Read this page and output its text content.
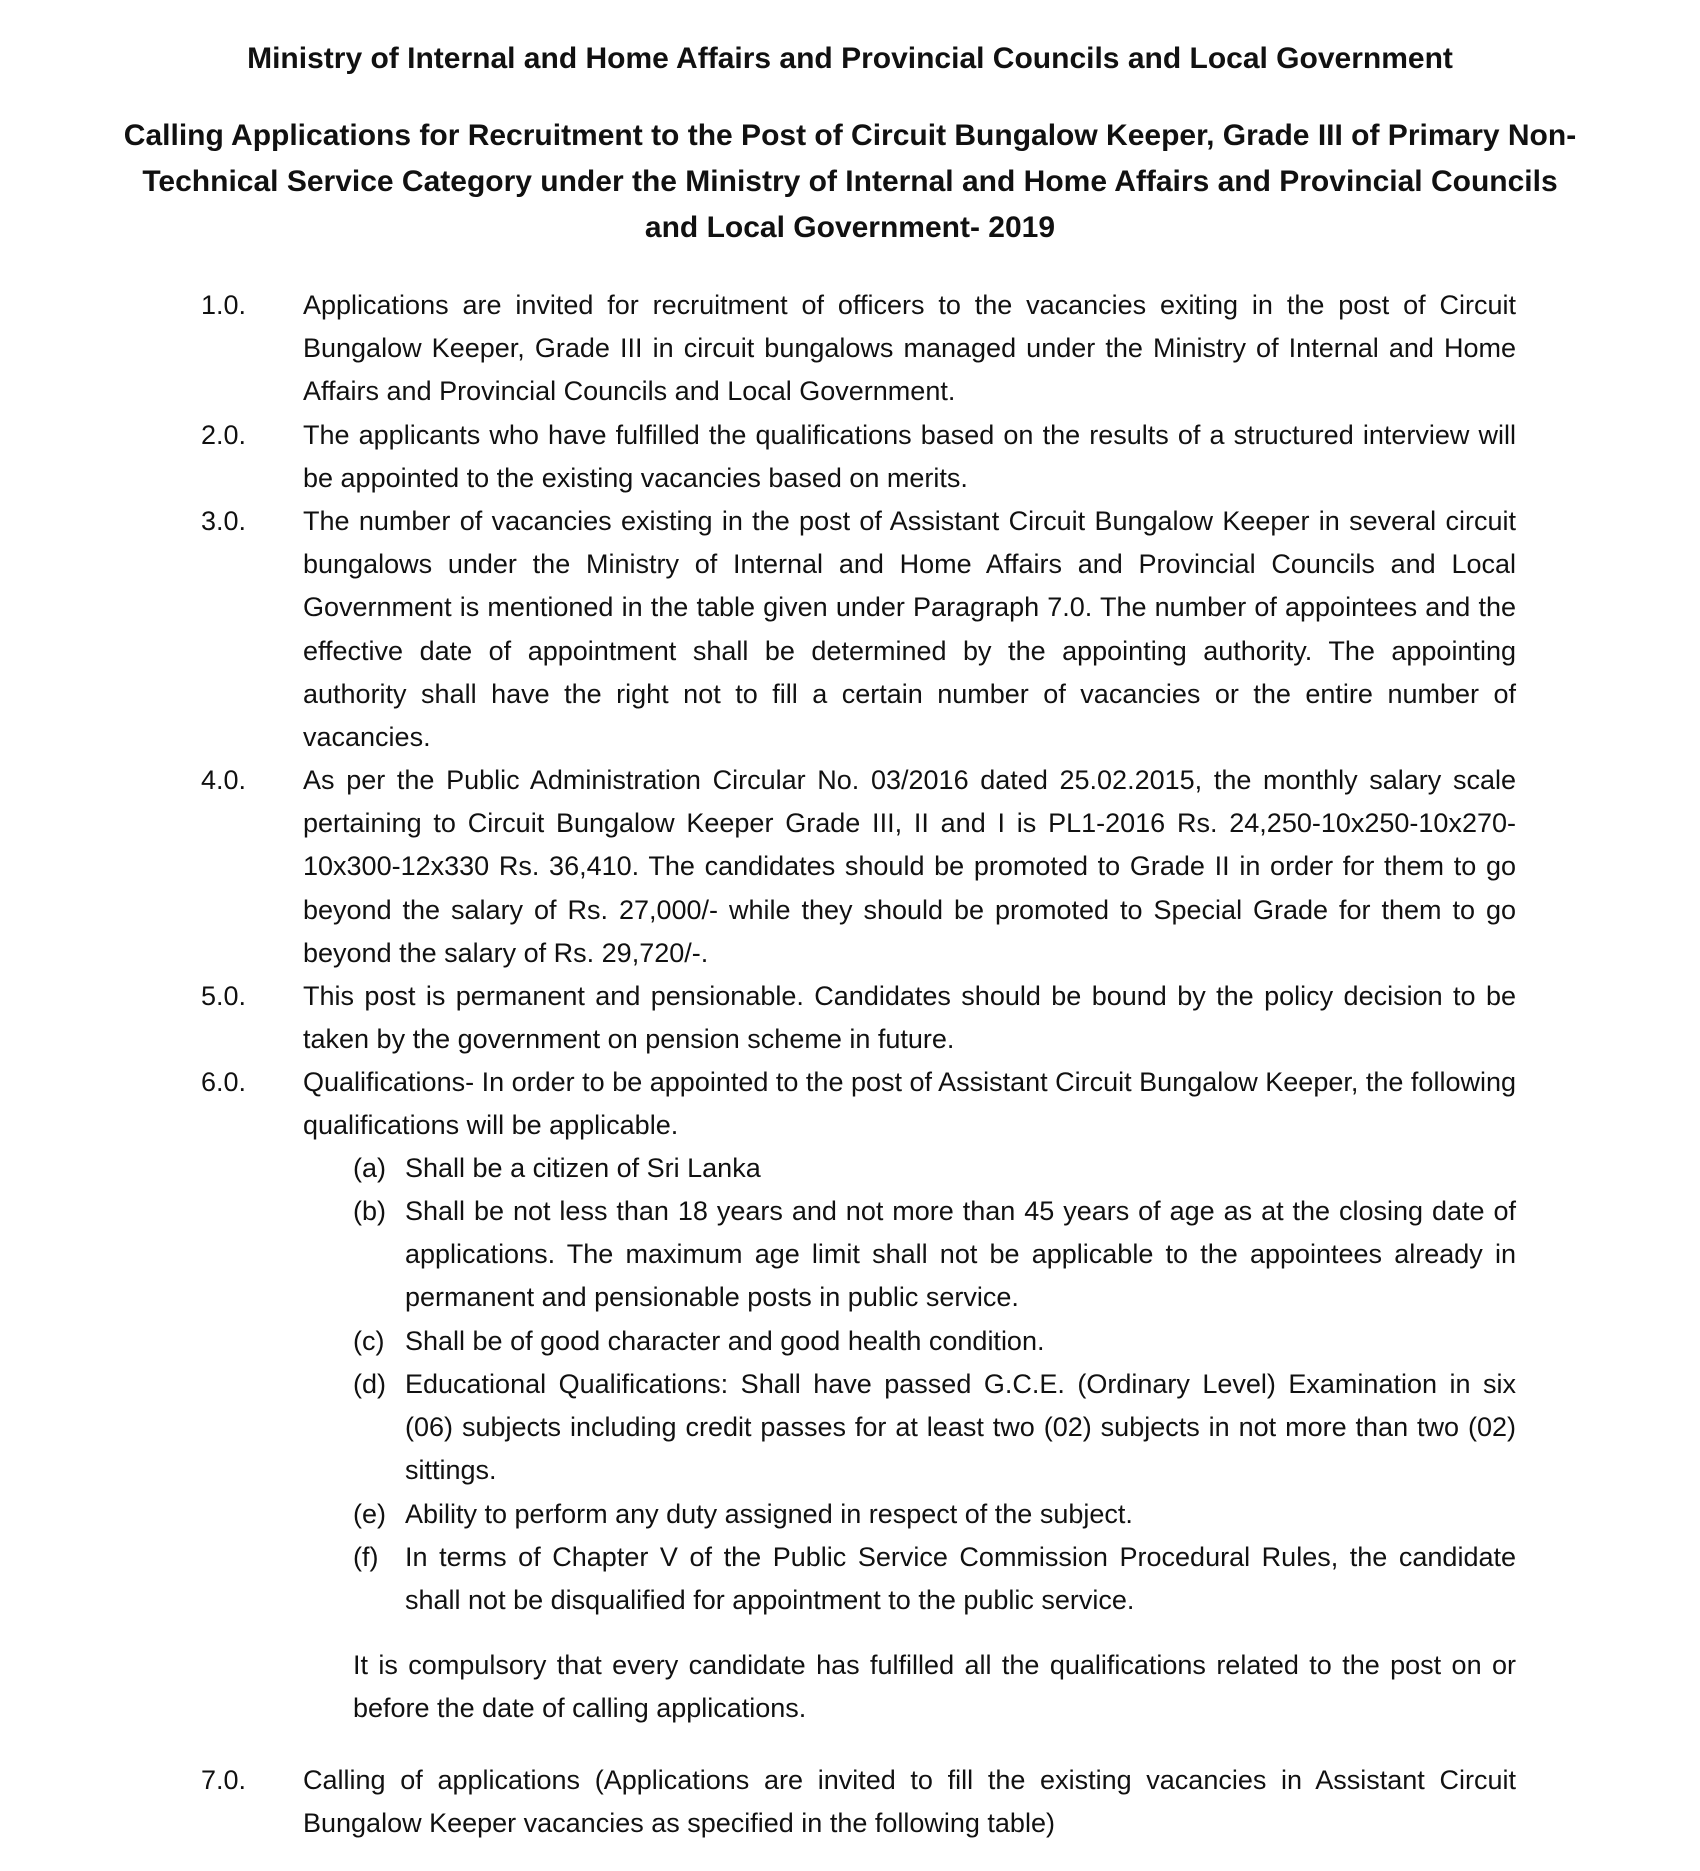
Ministry of Internal and Home Affairs and Provincial Councils and Local Government
Calling Applications for Recruitment to the Post of Circuit Bungalow Keeper, Grade III of Primary Non-Technical Service Category under the Ministry of Internal and Home Affairs and Provincial Councils and Local Government- 2019
1.0.	Applications are invited for recruitment of officers to the vacancies exiting in the post of Circuit Bungalow Keeper, Grade III in circuit bungalows managed under the Ministry of Internal and Home Affairs and Provincial Councils and Local Government.
2.0.	The applicants who have fulfilled the qualifications based on the results of a structured interview will be appointed to the existing vacancies based on merits.
3.0.	The number of vacancies existing in the post of Assistant Circuit Bungalow Keeper in several circuit bungalows under the Ministry of Internal and Home Affairs and Provincial Councils and Local Government is mentioned in the table given under Paragraph 7.0. The number of appointees and the effective date of appointment shall be determined by the appointing authority. The appointing authority shall have the right not to fill a certain number of vacancies or the entire number of vacancies.
4.0.	As per the Public Administration Circular No. 03/2016 dated 25.02.2015, the monthly salary scale pertaining to Circuit Bungalow Keeper Grade III, II and I is PL1-2016 Rs. 24,250-10x250-10x270-10x300-12x330 Rs. 36,410. The candidates should be promoted to Grade II in order for them to go beyond the salary of Rs. 27,000/- while they should be promoted to Special Grade for them to go beyond the salary of Rs. 29,720/-.
5.0.	This post is permanent and pensionable. Candidates should be bound by the policy decision to be taken by the government on pension scheme in future.
6.0.	Qualifications- In order to be appointed to the post of Assistant Circuit Bungalow Keeper, the following qualifications will be applicable.
(a) Shall be a citizen of Sri Lanka
(b) Shall be not less than 18 years and not more than 45 years of age as at the closing date of applications. The maximum age limit shall not be applicable to the appointees already in permanent and pensionable posts in public service.
(c) Shall be of good character and good health condition.
(d) Educational Qualifications: Shall have passed G.C.E. (Ordinary Level) Examination in six (06) subjects including credit passes for at least two (02) subjects in not more than two (02) sittings.
(e) Ability to perform any duty assigned in respect of the subject.
(f) In terms of Chapter V of the Public Service Commission Procedural Rules, the candidate shall not be disqualified for appointment to the public service.
It is compulsory that every candidate has fulfilled all the qualifications related to the post on or before the date of calling applications.
7.0.	Calling of applications (Applications are invited to fill the existing vacancies in Assistant Circuit Bungalow Keeper vacancies as specified in the following table)
